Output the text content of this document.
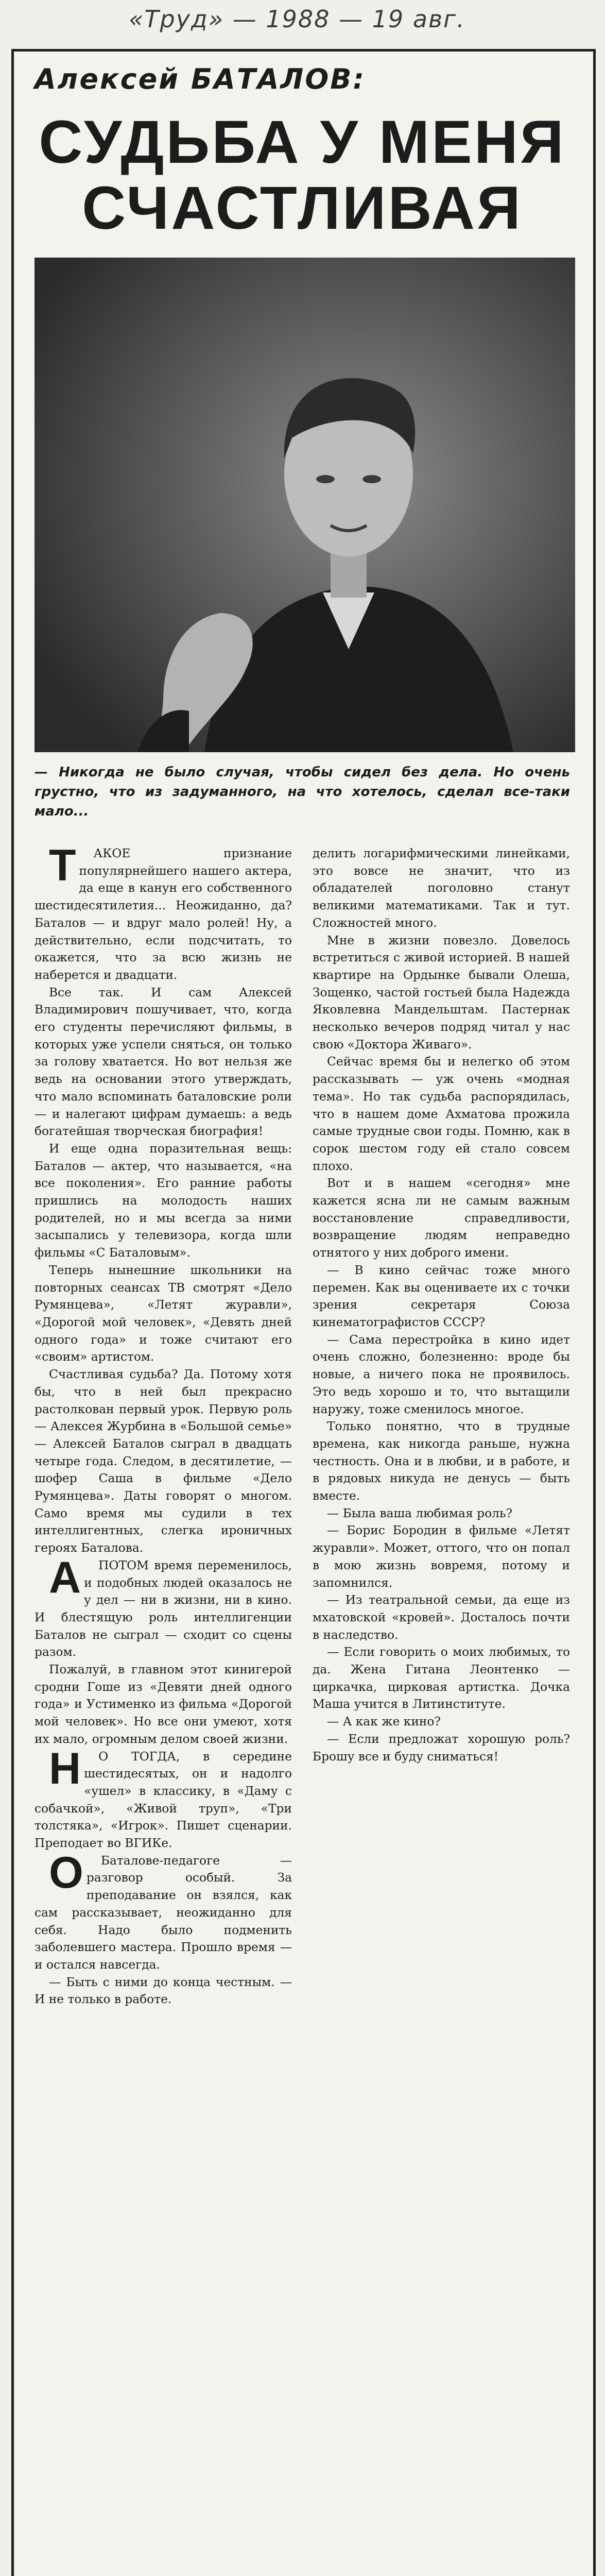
«Труд» — 1988 — 19 авг.
Алексей БАТАЛОВ:
СУДЬБА У МЕНЯ СЧАСТЛИВАЯ
— Никогда не было случая, чтобы сидел без дела. Но очень грустно, что из задуманного, на что хотелось, сделал все-таки мало...

ТАКОЕ признание популярнейшего нашего актера, да еще в канун его собственного шестидесятилетия... Неожиданно, да? Баталов — и вдруг мало ролей! Ну, а действительно, если подсчитать, то окажется, что за всю жизнь не наберется и двадцати.

Все так. И сам Алексей Владимирович пошучивает, что, когда его студенты перечисляют фильмы, в которых уже успели сняться, он только за голову хватается. Но вот нельзя же ведь на основании этого утверждать, что мало вспоминать баталовские роли — и налегают цифрам думаешь: а ведь богатейшая творческая биография!

И еще одна поразительная вещь: Баталов — актер, что называется, «на все поколения». Его ранние работы пришлись на молодость наших родителей, но и мы всегда за ними засыпались у телевизора, когда шли фильмы «С Баталовым».

Теперь нынешние школьники на повторных сеансах ТВ смотрят «Дело Румянцева», «Летят журавли», «Дорогой мой человек», «Девять дней одного года» и тоже считают его «своим» артистом.

Счастливая судьба? Да. Потому хотя бы, что в ней был прекрасно растолкован первый урок. Первую роль — Алексея Журбина в «Большой семье» — Алексей Баталов сыграл в двадцать четыре года. Следом, в десятилетие, — шофер Саша в фильме «Дело Румянцева». Даты говорят о многом. Само время мы судили в тех интеллигентных, слегка ироничных героях Баталова.

АПОТОМ время переменилось, и подобных людей оказалось не у дел — ни в жизни, ни в кино. И блестящую роль интеллигенции Баталов не сыграл — сходит со сцены разом.

Пожалуй, в главном этот кинигерой сродни Гоше из «Девяти дней одного года» и Устименко из фильма «Дорогой мой человек». Но все они умеют, хотя их мало, огромным делом своей жизни.

НО ТОГДА, в середине шестидесятых, он и надолго «ушел» в классику, в «Даму с собачкой», «Живой труп», «Три толстяка», «Игрок». Пишет сценарии. Преподает во ВГИКе.

ОБаталове-педагоге — разговор особый. За преподавание он взялся, как сам рассказывает, неожиданно для себя. Надо было подменить заболевшего мастера. Прошло время — и остался навсегда.

— Быть с ними до конца честным. — И не только в работе.

делить логарифмическими линейками, это вовсе не значит, что из обладателей поголовно станут великими математиками. Так и тут. Сложностей много.

Мне в жизни повезло. Довелось встретиться с живой историей. В нашей квартире на Ордынке бывали Олеша, Зощенко, частой гостьей была Надежда Яковлевна Мандельштам. Пастернак несколько вечеров подряд читал у нас свою «Доктора Живаго».

Сейчас время бы и нелегко об этом рассказывать — уж очень «модная тема». Но так судьба распорядилась, что в нашем доме Ахматова прожила самые трудные свои годы. Помню, как в сорок шестом году ей стало совсем плохо.

Вот и в нашем «сегодня» мне кажется ясна ли не самым важным восстановление справедливости, возвращение людям неправедно отнятого у них доброго имени.

— В кино сейчас тоже много перемен. Как вы оцениваете их с точки зрения секретаря Союза кинематографистов СССР?

— Сама перестройка в кино идет очень сложно, болезненно: вроде бы новые, а ничего пока не проявилось. Это ведь хорошо и то, что вытащили наружу, тоже сменилось многое.

Только понятно, что в трудные времена, как никогда раньше, нужна честность. Она и в любви, и в работе, и в рядовых никуда не денусь — быть вместе.

— Была ваша любимая роль?

— Борис Бородин в фильме «Летят журавли». Может, оттого, что он попал в мою жизнь вовремя, потому и запомнился.

— Из театральной семьи, да еще из мхатовской «кровей». Досталось почти в наследство.

— Если говорить о моих любимых, то да. Жена Гитана Леонтенко — циркачка, цирковая артистка. Дочка Маша учится в Литинституте.

— А как же кино?

— Если предложат хорошую роль? Брошу все и буду сниматься!
